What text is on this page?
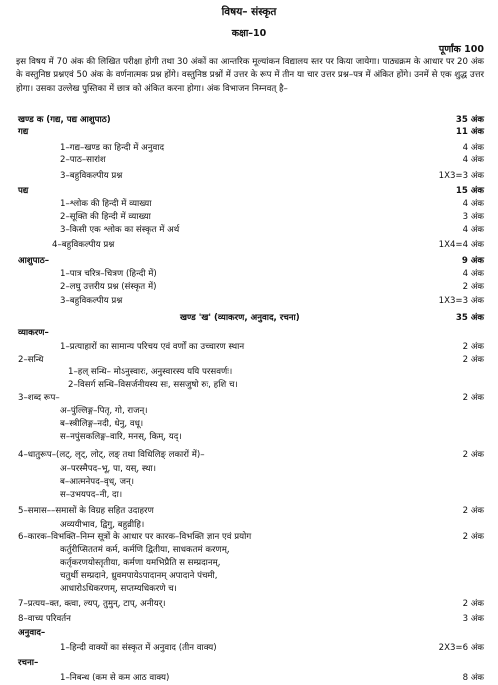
विषय– संस्कृत
कक्षा–10
पूर्णांक 100
इस विषय में 70 अंक की लिखित परीक्षा होगी तथा 30 अंकों का आन्तरिक मूल्यांकन विद्यालय स्तर पर किया जायेगा। पाठ्यक्रम के आधार पर 20 अंक के वस्तुनिष्ठ प्रश्नएवं 50 अंक के वर्णनात्मक प्रश्न होंगे। वस्तुनिष्ठ प्रश्नों में उत्तर के रूप में तीन या चार उत्तर प्रश्न–पत्र में अंकित होंगे। उनमें से एक शुद्ध उत्तर होगा। उसका उल्लेख पुस्तिका में छात्र को अंकित करना होगा। अंक विभाजन निम्नवत् है–
खण्ड क (गद्य, पद्य आशुपाठ)	35 अंक
गद्य	11 अंक
1–गद्य–खण्ड का हिन्दी में अनुवाद	4 अंक
2–पाठ–सारांश	4 अंक
3–बहुविकल्पीय प्रश्न	1X3=3 अंक
पद्य	15 अंक
1–श्लोक की हिन्दी में व्याख्या	4 अंक
2–सूक्ति की हिन्दी में व्याख्या	3 अंक
3–किसी एक श्लोक का संस्कृत में अर्थ	4 अंक
4–बहुविकल्पीय प्रश्न	1X4=4 अंक
आशुपाठ–	9 अंक
1–पात्र चरित्र–चित्रण (हिन्दी में)	4 अंक
2–लघु उत्तरीय प्रश्न (संस्कृत में)	2 अंक
3–बहुविकल्पीय प्रश्न	1X3=3 अंक
खण्ड 'ख' (व्याकरण, अनुवाद, रचना)	35 अंक
व्याकरण–
1–प्रत्याहारों का सामान्य परिचय एवं वर्णों का उच्चारण स्थान	2 अंक
2–सन्धि	2 अंक
1–हल् सन्धि– मोऽनुस्वारः, अनुस्वारस्य ययि परसवर्णः।
2–विसर्ग सन्धि–विसर्जनीयस्य सः, ससजुषो रुः, हशि च।
3–शब्द रूप–	2 अंक
अ–पुंल्लिङ्ग–पितृ, गो, राजन्।
ब–स्त्रीलिङ्ग–नदी, धेनु, वधू।
स–नपुंसकलिङ्ग–वारि, मनस्, किम्, यद्।
4–धातुरूप–(लट्, लृट्, लोट्, लङ् तथा विधिलिङ् लकारों में)–	2 अंक
अ–परस्मैपद–भू, पा, यस्, स्था।
ब–आत्मनेपद–वृध्, जन्।
स–उभयपद–नी, दा।
5–समास––समासों के विग्रह सहित उदाहरण	2 अंक
अव्ययीभाव, द्विगु, बहुव्रीहि।
6–कारक–विभक्ति–निम्न सूत्रों के आधार पर कारक–विभक्ति ज्ञान एवं प्रयोग	2 अंक
कर्तुरीप्सिततमं कर्म, कर्मणि द्वितीया, साधकतमं करणम्,
कर्तृकरणयोस्तृतीया, कर्मणा यमभिप्रैति स सम्प्रदानम्,
चतुर्थी सम्प्रदाने, ध्रुवमपायेऽपादानम् अपादाने पंचमी,
आधारोऽधिकरणम्, सप्तम्यधिकरणे च।
7–प्रत्यय–क्त, क्त्वा, ल्यप्, तुमुन्, टाप्, अनीयर्।	2 अंक
8–वाच्य परिवर्तन	3 अंक
अनुवाद–
1–हिन्दी वाक्यों का संस्कृत में अनुवाद (तीन वाक्य)	2X3=6 अंक
रचना–
1–निबन्ध (कम से कम आठ वाक्य)	8 अंक
